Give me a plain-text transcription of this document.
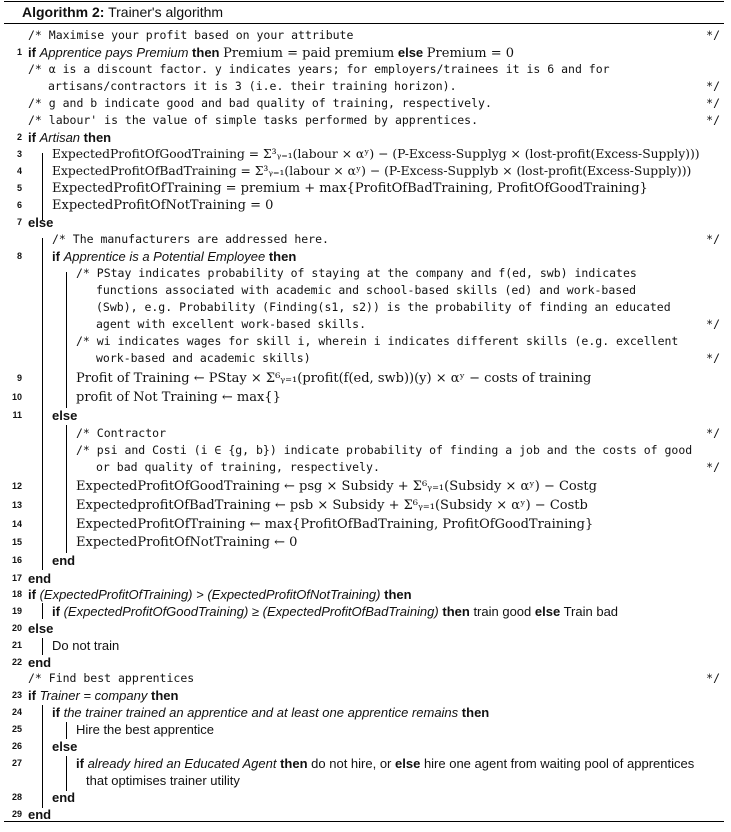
Algorithm 2: Trainer's algorithm
/* Maximise your profit based on your attribute	*/
1 if Apprentice pays Premium then Premium = paid premium else Premium = 0
/* α is a discount factor. y indicates years; for employers/trainees it is 6 and for
artisans/contractors it is 3 (i.e. their training horizon).	*/
/* g and b indicate good and bad quality of training, respectively.	*/
/* labour' is the value of simple tasks performed by apprentices.	*/
2 if Artisan then
3 ExpectedProfitOfGoodTraining = Σ³ᵧ₌₁(labour × αʸ) − (P-Excess-Supplyg × (lost-profit(Excess-Supply)))
4 ExpectedProfitOfBadTraining = Σ³ᵧ₌₁(labour × αʸ) − (P-Excess-Supplyb × (lost-profit(Excess-Supply)))
5 ExpectedProfitOfTraining = premium + max{ProfitOfBadTraining, ProfitOfGoodTraining}
6 ExpectedProfitOfNotTraining = 0
7 else
/* The manufacturers are addressed here.	*/
8 if Apprentice is a Potential Employee then
/* PStay indicates probability of staying at the company and f(ed, swb) indicates
functions associated with academic and school-based skills (ed) and work-based
(Swb), e.g. Probability (Finding(s1, s2)) is the probability of finding an educated
agent with excellent work-based skills.	*/
/* wi indicates wages for skill i, wherein i indicates different skills (e.g. excellent
work-based and academic skills)	*/
9	Profit of Training ← PStay × Σ⁶ᵧ₌₁(profit(f(ed, swb))(y) × αʸ − costs of training
10	profit of Not Training ← max{}
11 else
/* Contractor	*/
/* psi and Costi (i ∈ {g, b}) indicate probability of finding a job and the costs of good
or bad quality of training, respectively.	*/
12	ExpectedProfitOfGoodTraining ← psg × Subsidy + Σ⁶ᵧ₌₁(Subsidy × αʸ) − Costg
13	ExpectedprofitOfBadTraining ← psb × Subsidy + Σ⁶ᵧ₌₁(Subsidy × αʸ) − Costb
14	ExpectedProfitOfTraining ← max{ProfitOfBadTraining, ProfitOfGoodTraining}
15	ExpectedProfitOfNotTraining ← 0
16 end
17 end
18 if (ExpectedProfitOfTraining) > (ExpectedProfitOfNotTraining) then
19 if (ExpectedProfitOfGoodTraining) ≥ (ExpectedProfitOfBadTraining) then train good else Train bad
20 else
21 Do not train
22 end
/* Find best apprentices	*/
23 if Trainer = company then
24 if the trainer trained an apprentice and at least one apprentice remains then
25	Hire the best apprentice
26 else
27	if already hired an Educated Agent then do not hire, or else hire one agent from waiting pool of apprentices
that optimises trainer utility
28 end
29 end
